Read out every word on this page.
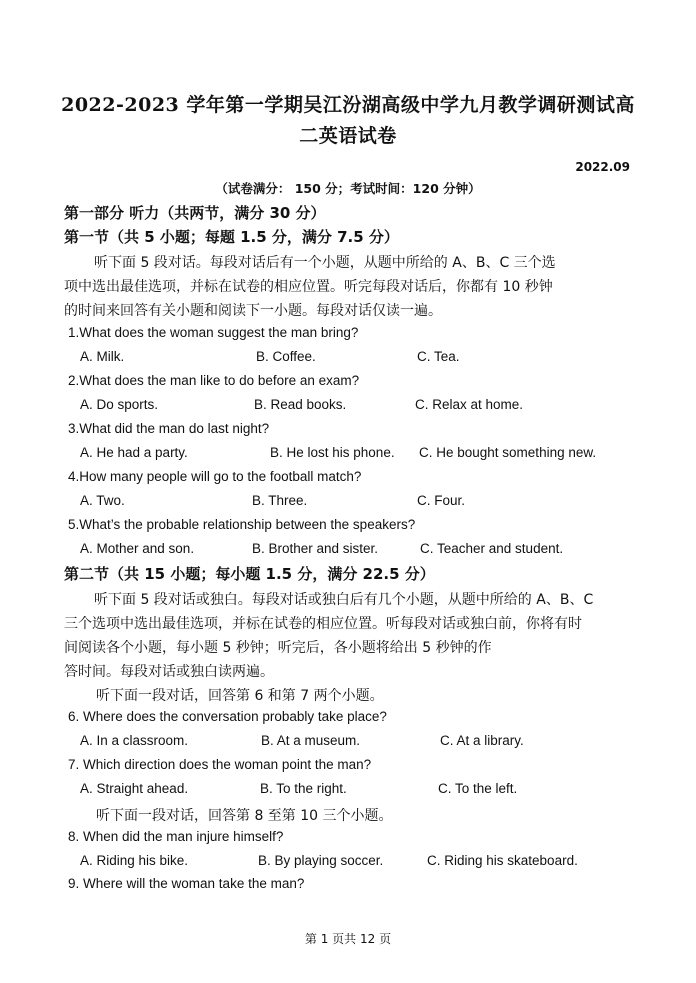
2022-2023 学年第一学期吴江汾湖高级中学九月教学调研测试高
二英语试卷
2022.09
（试卷满分： 150 分；考试时间：120 分钟）
第一部分 听力（共两节，满分 30 分）
第一节（共 5 小题；每题 1.5 分，满分 7.5 分）
听下面 5 段对话。每段对话后有一个小题，从题中所给的 A、B、C 三个选
项中选出最佳选项，并标在试卷的相应位置。听完每段对话后，你都有 10 秒钟
的时间来回答有关小题和阅读下一小题。每段对话仅读一遍。
1.What does the woman suggest the man bring?
A. Milk.	B. Coffee.	C. Tea.
2.What does the man like to do before an exam?
A. Do sports.	B. Read books.	C. Relax at home.
3.What did the man do last night?
A. He had a party.	B. He lost his phone. C. He bought something new.
4.How many people will go to the football match?
A. Two.	B. Three.	C. Four.
5.What’s the probable relationship between the speakers?
A. Mother and son.	B. Brother and sister.	C. Teacher and student.
第二节（共 15 小题；每小题 1.5 分，满分 22.5 分）
听下面 5 段对话或独白。每段对话或独白后有几个小题，从题中所给的 A、B、C
三个选项中选出最佳选项，并标在试卷的相应位置。听每段对话或独白前，你将有时
间阅读各个小题，每小题 5 秒钟；听完后，各小题将给出 5 秒钟的作
答时间。每段对话或独白读两遍。
听下面一段对话，回答第 6 和第 7 两个小题。
6. Where does the conversation probably take place?
A. In a classroom.	B. At a museum.	C. At a library.
7. Which direction does the woman point the man?
A. Straight ahead.	B. To the right.	C. To the left.
听下面一段对话，回答第 8 至第 10 三个小题。
8. When did the man injure himself?
A. Riding his bike.	B. By playing soccer.	C. Riding his skateboard.
9. Where will the woman take the man?
第 1 页共 12 页
